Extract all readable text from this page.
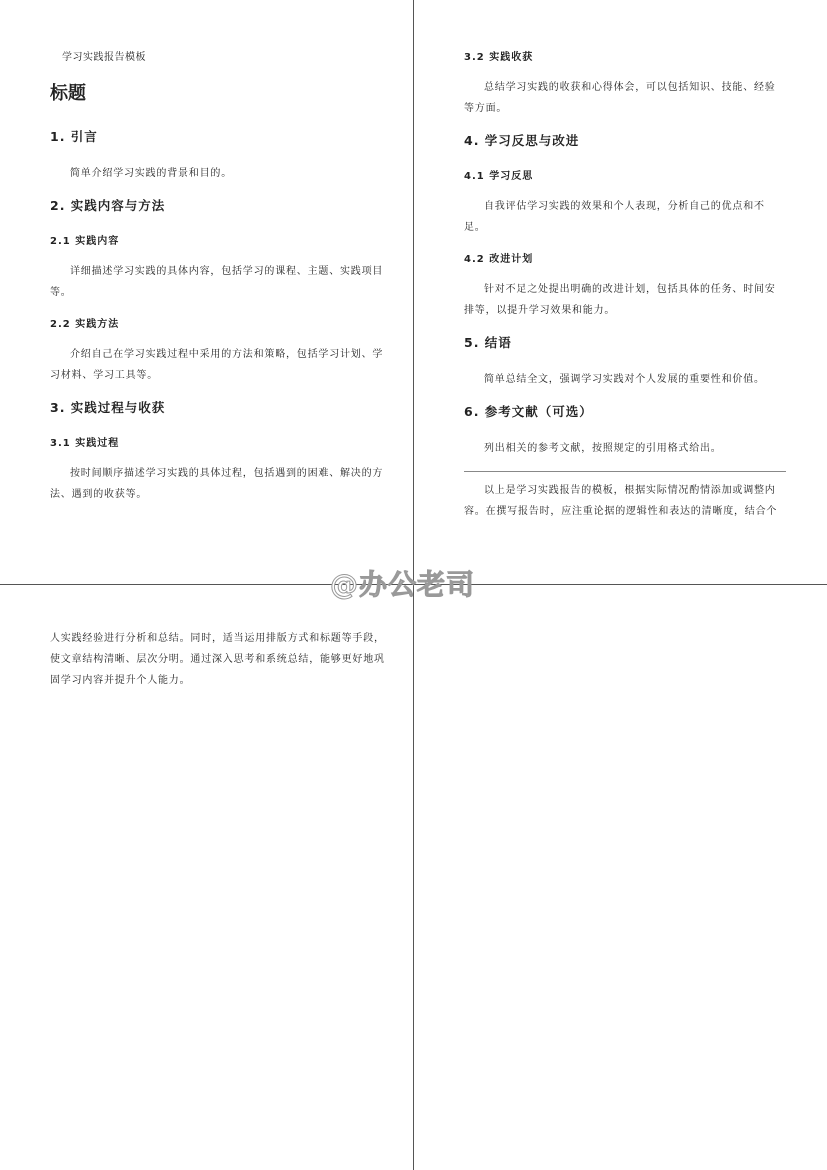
学习实践报告模板
标题
1. 引言

简单介绍学习实践的背景和目的。

2. 实践内容与方法
2.1 实践内容

详细描述学习实践的具体内容，包括学习的课程、主题、实践项目等。

2.2 实践方法

介绍自己在学习实践过程中采用的方法和策略，包括学习计划、学习材料、学习工具等。

3. 实践过程与收获
3.1 实践过程

按时间顺序描述学习实践的具体过程，包括遇到的困难、解决的方法、遇到的收获等。

3.2 实践收获

总结学习实践的收获和心得体会，可以包括知识、技能、经验等方面。

4. 学习反思与改进
4.1 学习反思

自我评估学习实践的效果和个人表现，分析自己的优点和不足。

4.2 改进计划

针对不足之处提出明确的改进计划，包括具体的任务、时间安排等，以提升学习效果和能力。

5. 结语

简单总结全文，强调学习实践对个人发展的重要性和价值。

6. 参考文献（可选）

列出相关的参考文献，按照规定的引用格式给出。

以上是学习实践报告的模板，根据实际情况酌情添加或调整内容。在撰写报告时，应注重论据的逻辑性和表达的清晰度，结合个

人实践经验进行分析和总结。同时，适当运用排版方式和标题等手段，使文章结构清晰、层次分明。通过深入思考和系统总结，能够更好地巩固学习内容并提升个人能力。

@办公老司
